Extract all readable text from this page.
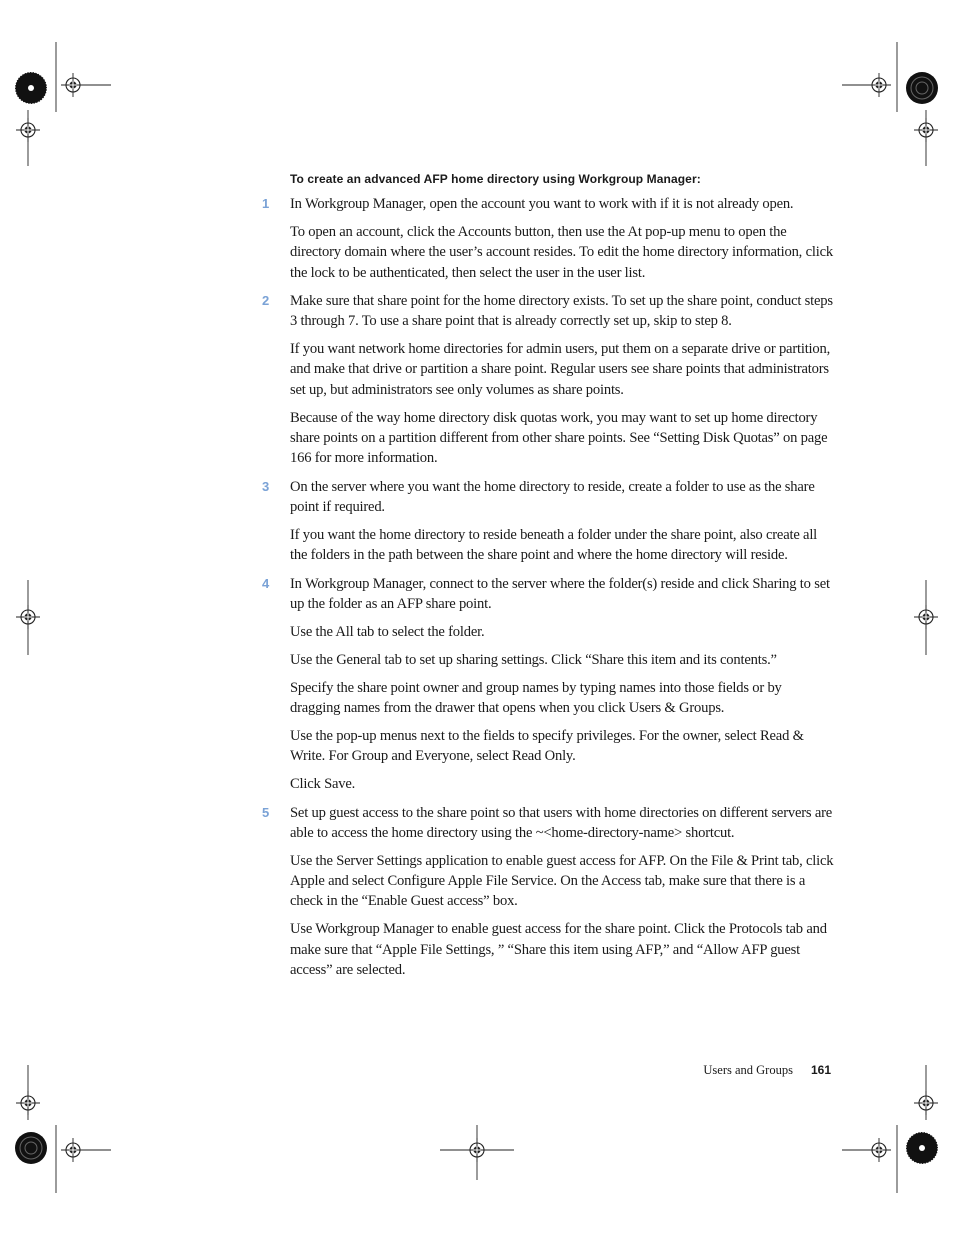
To create an advanced AFP home directory using Workgroup Manager:
1	In Workgroup Manager, open the account you want to work with if it is not already open.

To open an account, click the Accounts button, then use the At pop-up menu to open the directory domain where the user’s account resides. To edit the home directory information, click the lock to be authenticated, then select the user in the user list.

2	Make sure that share point for the home directory exists. To set up the share point, conduct steps 3 through 7. To use a share point that is already correctly set up, skip to step 8.

If you want network home directories for admin users, put them on a separate drive or partition, and make that drive or partition a share point. Regular users see share points that administrators set up, but administrators see only volumes as share points.

Because of the way home directory disk quotas work, you may want to set up home directory share points on a partition different from other share points. See “Setting Disk Quotas” on page 166 for more information.

3	On the server where you want the home directory to reside, create a folder to use as the share point if required.

If you want the home directory to reside beneath a folder under the share point, also create all the folders in the path between the share point and where the home directory will reside.

4	In Workgroup Manager, connect to the server where the folder(s) reside and click Sharing to set up the folder as an AFP share point.

Use the All tab to select the folder.

Use the General tab to set up sharing settings. Click “Share this item and its contents.”

Specify the share point owner and group names by typing names into those fields or by dragging names from the drawer that opens when you click Users & Groups.

Use the pop-up menus next to the fields to specify privileges. For the owner, select Read & Write. For Group and Everyone, select Read Only.

Click Save.

5	Set up guest access to the share point so that users with home directories on different servers are able to access the home directory using the ~<home-directory-name> shortcut.

Use the Server Settings application to enable guest access for AFP. On the File & Print tab, click Apple and select Configure Apple File Service. On the Access tab, make sure that there is a check in the “Enable Guest access” box.

Use Workgroup Manager to enable guest access for the share point. Click the Protocols tab and make sure that “Apple File Settings, ” “Share this item using AFP,” and “Allow AFP guest access” are selected.

Users and Groups 161
